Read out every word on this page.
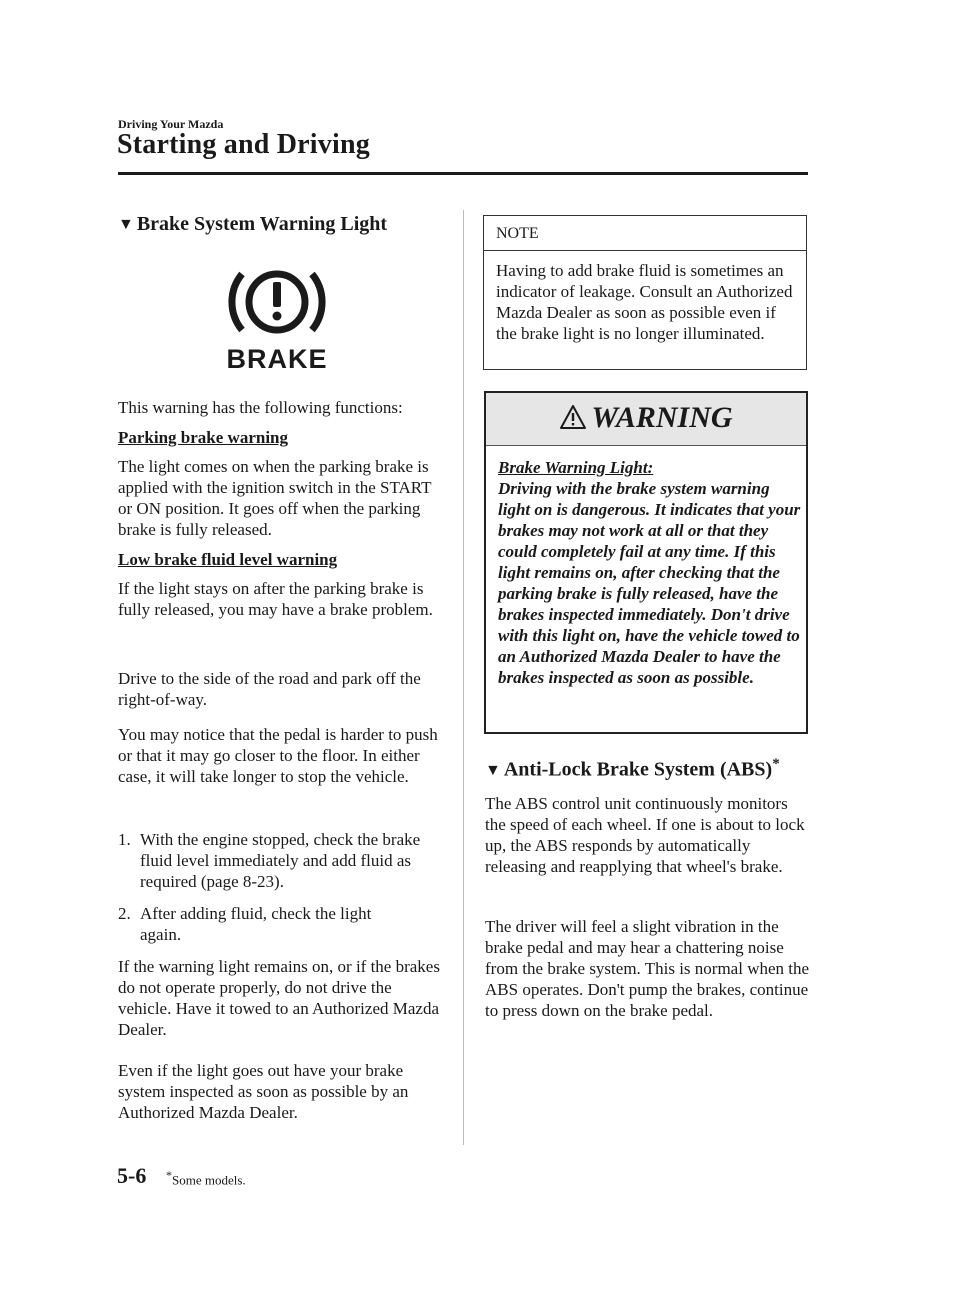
Driving Your Mazda
Starting and Driving
▼ Brake System Warning Light
BRAKE

This warning has the following functions:

Parking brake warning

The light comes on when the parking brake is applied with the ignition switch in the START or ON position. It goes off when the parking brake is fully released.

Low brake fluid level warning

If the light stays on after the parking brake is fully released, you may have a brake problem.

Drive to the side of the road and park off the right-of-way.

You may notice that the pedal is harder to push or that it may go closer to the floor. In either case, it will take longer to stop the vehicle.

1. With the engine stopped, check the brake fluid level immediately and add fluid as required (page 8-23).
2. After adding fluid, check the light again.

If the warning light remains on, or if the brakes do not operate properly, do not drive the vehicle. Have it towed to an Authorized Mazda Dealer.

Even if the light goes out have your brake system inspected as soon as possible by an Authorized Mazda Dealer.

NOTE
Having to add brake fluid is sometimes an indicator of leakage. Consult an Authorized Mazda Dealer as soon as possible even if the brake light is no longer illuminated.
WARNING
Brake Warning Light:
Driving with the brake system warning light on is dangerous. It indicates that your brakes may not work at all or that they could completely fail at any time. If this light remains on, after checking that the parking brake is fully released, have the brakes inspected immediately. Don't drive with this light on, have the vehicle towed to an Authorized Mazda Dealer to have the brakes inspected as soon as possible.
▼ Anti-Lock Brake System (ABS)*

The ABS control unit continuously monitors the speed of each wheel. If one is about to lock up, the ABS responds by automatically releasing and reapplying that wheel's brake.

The driver will feel a slight vibration in the brake pedal and may hear a chattering noise from the brake system. This is normal when the ABS operates. Don't pump the brakes, continue to press down on the brake pedal.

5-6 *Some models.
